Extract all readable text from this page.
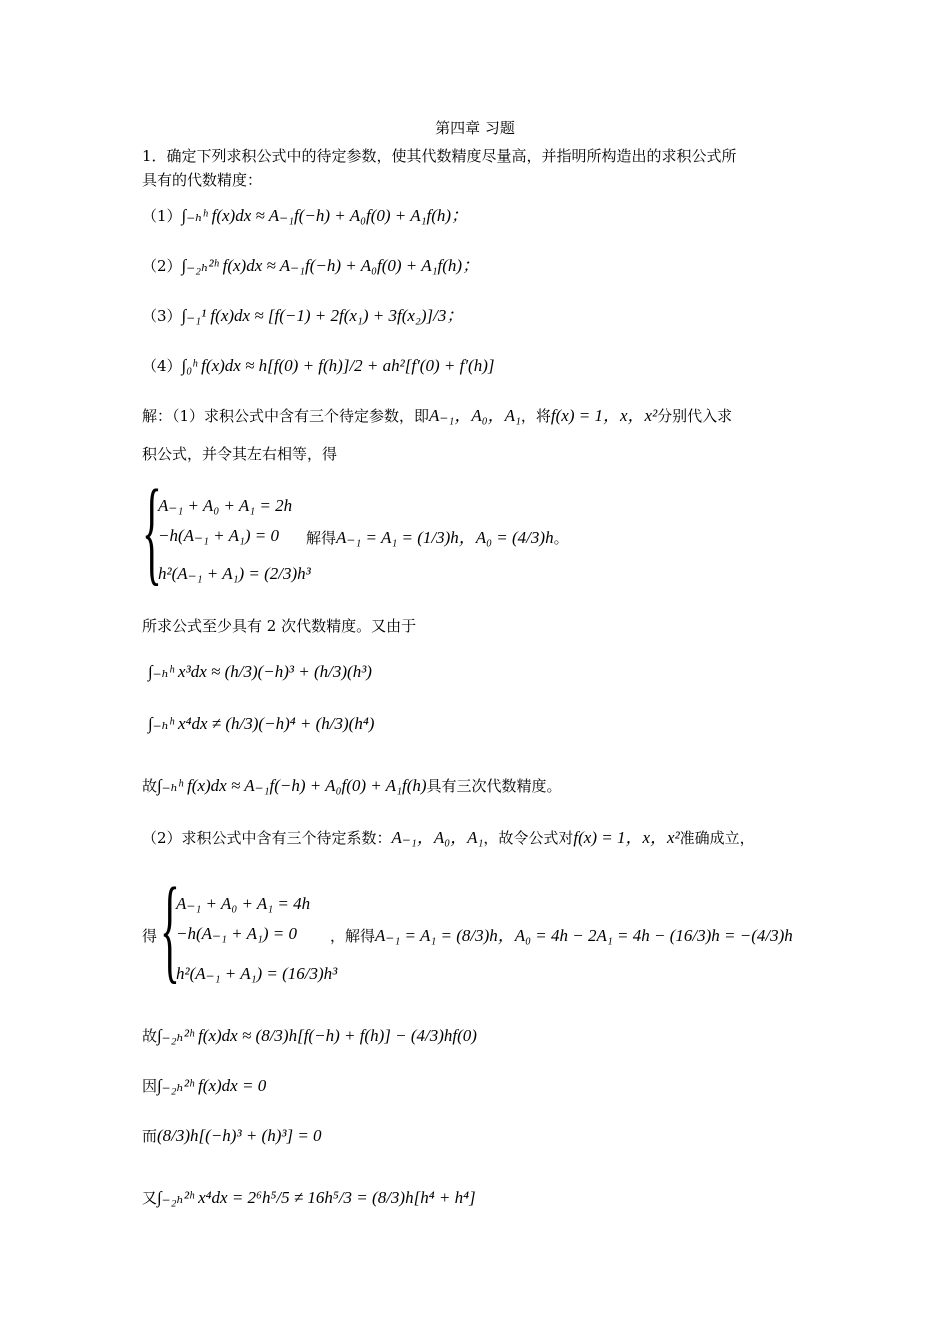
第四章 习题
1．确定下列求积公式中的待定参数，使其代数精度尽量高，并指明所构造出的求积公式所
具有的代数精度：
（1）∫₋ₕʰ f(x)dx ≈ A₋₁f(−h) + A₀f(0) + A₁f(h)；
（2）∫₋₂ₕ²ʰ f(x)dx ≈ A₋₁f(−h) + A₀f(0) + A₁f(h)；
（3）∫₋₁¹ f(x)dx ≈ [f(−1) + 2f(x₁) + 3f(x₂)]/3；
（4）∫₀ʰ f(x)dx ≈ h[f(0) + f(h)]/2 + ah²[f′(0) + f′(h)]
解：（1）求积公式中含有三个待定参数，即A₋₁，A₀，A₁，将f(x) = 1，x，x²分别代入求
积公式，并令其左右相等，得
{
A₋₁ + A₀ + A₁ = 2h
−h(A₋₁ + A₁) = 0
h²(A₋₁ + A₁) = (2/3)h³
解得A₋₁ = A₁ = (1/3)h，A₀ = (4/3)h。
所求公式至少具有 2 次代数精度。又由于
∫₋ₕʰ x³dx ≈ (h/3)(−h)³ + (h/3)(h³)
∫₋ₕʰ x⁴dx ≠ (h/3)(−h)⁴ + (h/3)(h⁴)
故∫₋ₕʰ f(x)dx ≈ A₋₁f(−h) + A₀f(0) + A₁f(h)具有三次代数精度。
（2）求积公式中含有三个待定系数：A₋₁，A₀，A₁，故令公式对f(x) = 1，x，x²准确成立，
得 {
A₋₁ + A₀ + A₁ = 4h
−h(A₋₁ + A₁) = 0
h²(A₋₁ + A₁) = (16/3)h³
，解得A₋₁ = A₁ = (8/3)h，A₀ = 4h − 2A₁ = 4h − (16/3)h = −(4/3)h
故∫₋₂ₕ²ʰ f(x)dx ≈ (8/3)h[f(−h) + f(h)] − (4/3)hf(0)
因∫₋₂ₕ²ʰ f(x)dx = 0
而(8/3)h[(−h)³ + (h)³] = 0
又∫₋₂ₕ²ʰ x⁴dx = 2⁶h⁵/5 ≠ 16h⁵/3 = (8/3)h[h⁴ + h⁴]
